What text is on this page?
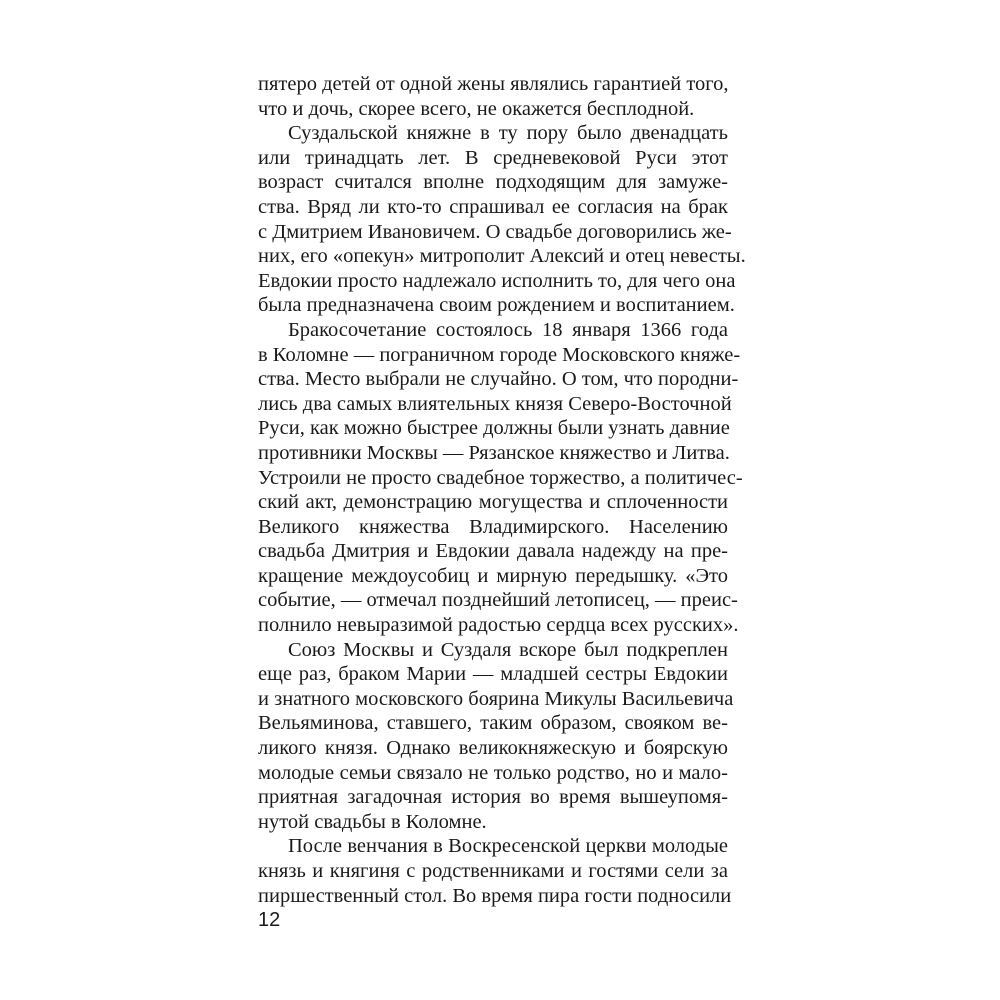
пятеро детей от одной жены являлись гарантией того,
что и дочь, скорее всего, не окажется бесплодной.
Суздальской княжне в ту пору было двенадцать
или тринадцать лет. В средневековой Руси этот
возраст считался вполне подходящим для замуже-
ства. Вряд ли кто-то спрашивал ее согласия на брак
с Дмитрием Ивановичем. О свадьбе договорились же-
них, его «опекун» митрополит Алексий и отец невесты.
Евдокии просто надлежало исполнить то, для чего она
была предназначена своим рождением и воспитанием.
Бракосочетание состоялось 18 января 1366 года
в Коломне — пограничном городе Московского княже-
ства. Место выбрали не случайно. О том, что породни-
лись два самых влиятельных князя Северо-Восточной
Руси, как можно быстрее должны были узнать давние
противники Москвы — Рязанское княжество и Литва.
Устроили не просто свадебное торжество, а политичес-
ский акт, демонстрацию могущества и сплоченности
Великого княжества Владимирского. Населению
свадьба Дмитрия и Евдокии давала надежду на пре-
кращение междоусобиц и мирную передышку. «Это
событие, — отмечал позднейший летописец, — преис-
полнило невыразимой радостью сердца всех русских».
Союз Москвы и Суздаля вскоре был подкреплен
еще раз, браком Марии — младшей сестры Евдокии
и знатного московского боярина Микулы Васильевича
Вельяминова, ставшего, таким образом, свояком ве-
ликого князя. Однако великокняжескую и боярскую
молодые семьи связало не только родство, но и мало-
приятная загадочная история во время вышеупомя-
нутой свадьбы в Коломне.
После венчания в Воскресенской церкви молодые
князь и княгиня с родственниками и гостями сели за
пиршественный стол. Во время пира гости подносили
12
